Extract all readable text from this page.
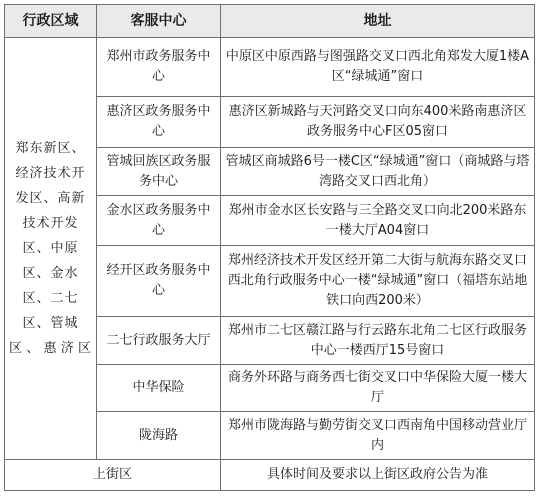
行政区域	客服中心	地址
郑东新区、经济技术开发区、高新技术开发区、中原区、金水区、二七区、管城区、惠济区	郑州市政务服务中心	中原区中原西路与图强路交叉口西北角郑发大厦1楼A区“绿城通”窗口
	惠济区政务服务中心	惠济区新城路与天河路交叉口向东400米路南惠济区政务服务中心F区05窗口
	管城回族区政务服务中心	管城区商城路6号一楼C区“绿城通”窗口（商城路与塔湾路交叉口西北角）
	金水区政务服务中心	郑州市金水区长安路与三全路交叉口向北200米路东一楼大厅A04窗口
	经开区政务服务中心	郑州经济技术开发区经开第二大街与航海东路交叉口西北角行政服务中心一楼“绿城通”窗口（福塔东站地铁口向西200米）
	二七行政服务大厅	郑州市二七区赣江路与行云路东北角二七区行政服务中心一楼西厅15号窗口
	中华保险	商务外环路与商务西七街交叉口中华保险大厦一楼大厅
	陇海路	郑州市陇海路与勤劳街交叉口西南角中国移动营业厅内
上街区		具体时间及要求以上街区政府公告为准
